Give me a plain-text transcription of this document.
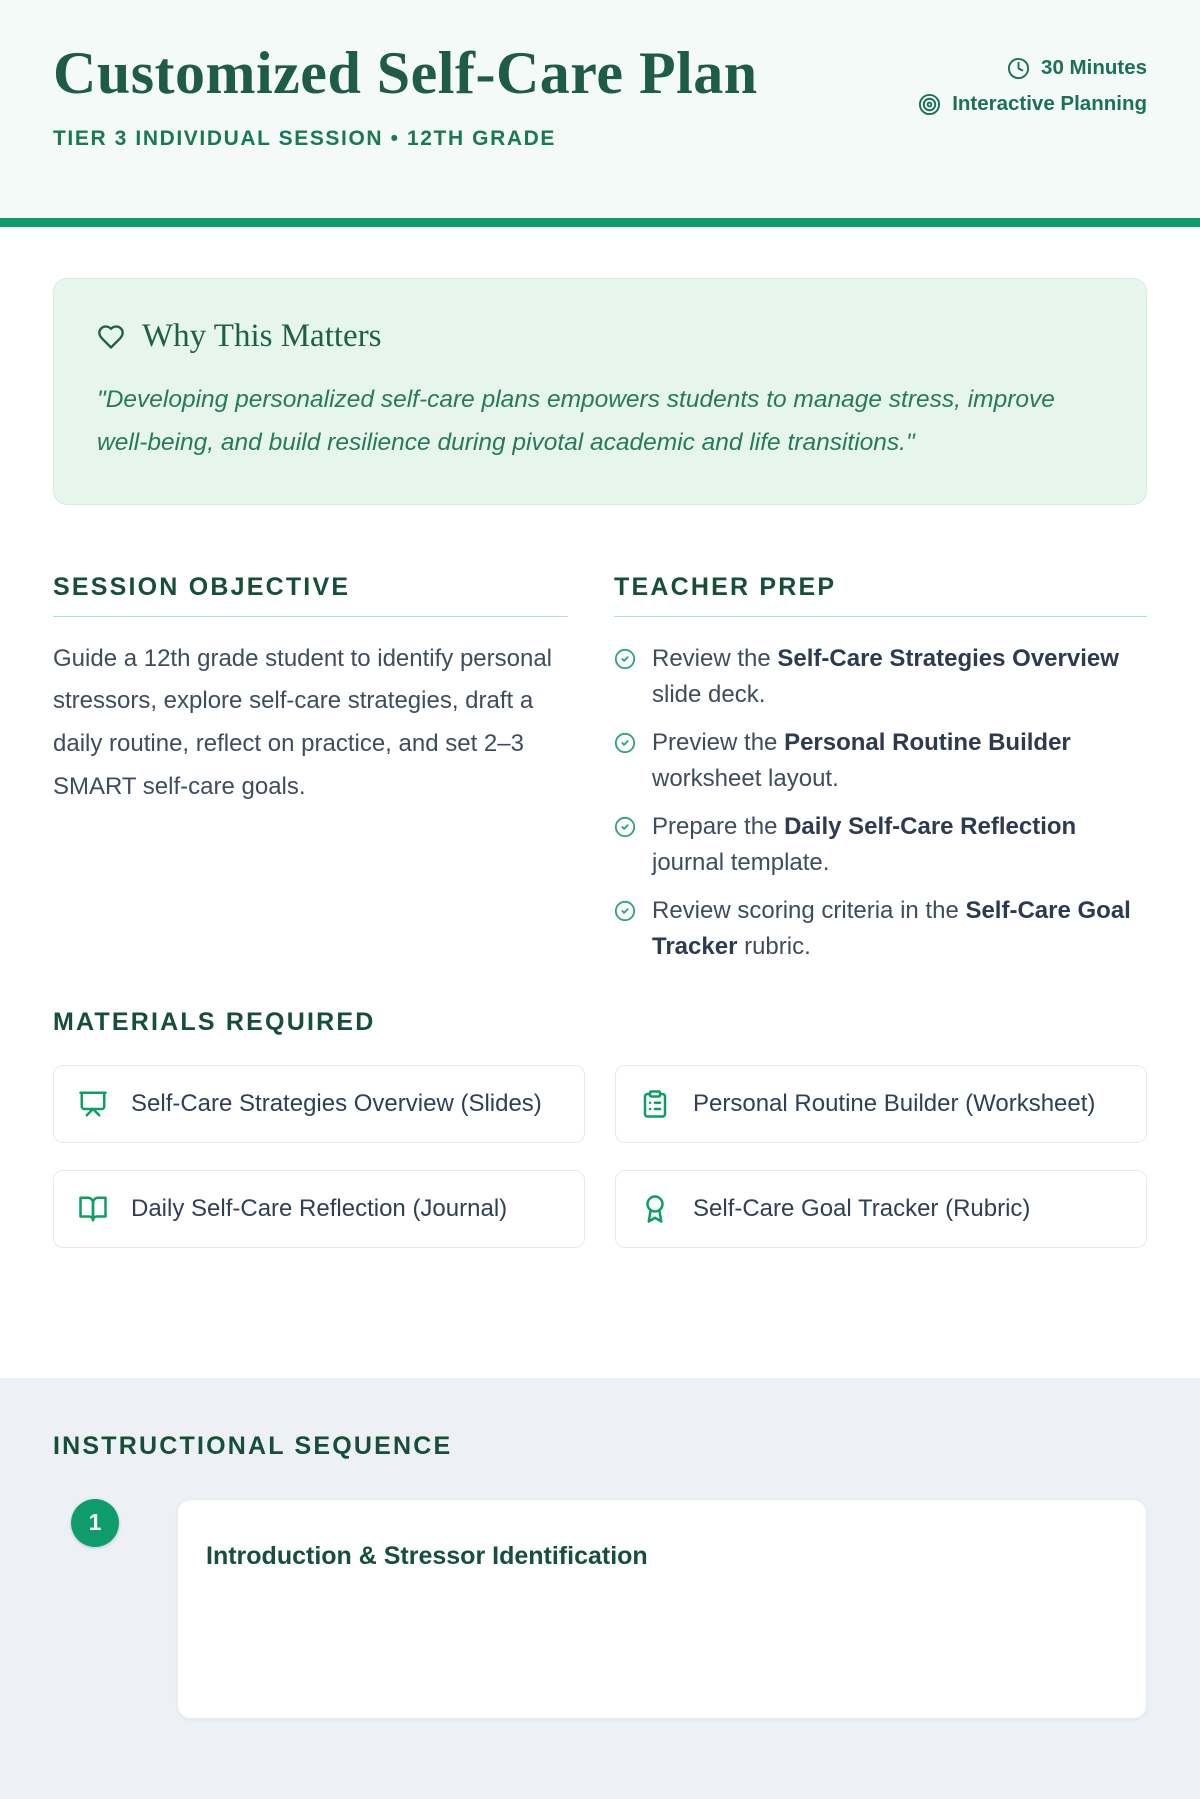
Customized Self-Care Plan
TIER 3 INDIVIDUAL SESSION • 12TH GRADE
30 Minutes
Interactive Planning
Why This Matters

"Developing personalized self-care plans empowers students to manage stress, improve well-being, and build resilience during pivotal academic and life transitions."

SESSION OBJECTIVE

Guide a 12th grade student to identify personal stressors, explore self-care strategies, draft a daily routine, reflect on practice, and set 2–3 SMART self-care goals.

TEACHER PREP
Review the Self-Care Strategies Overview slide deck.
Preview the Personal Routine Builder worksheet layout.
Prepare the Daily Self-Care Reflection journal template.
Review scoring criteria in the Self-Care Goal Tracker rubric.
MATERIALS REQUIRED
Self-Care Strategies Overview (Slides)	Personal Routine Builder (Worksheet)
Daily Self-Care Reflection (Journal)	Self-Care Goal Tracker (Rubric)
INSTRUCTIONAL SEQUENCE
1
Introduction & Stressor Identification
